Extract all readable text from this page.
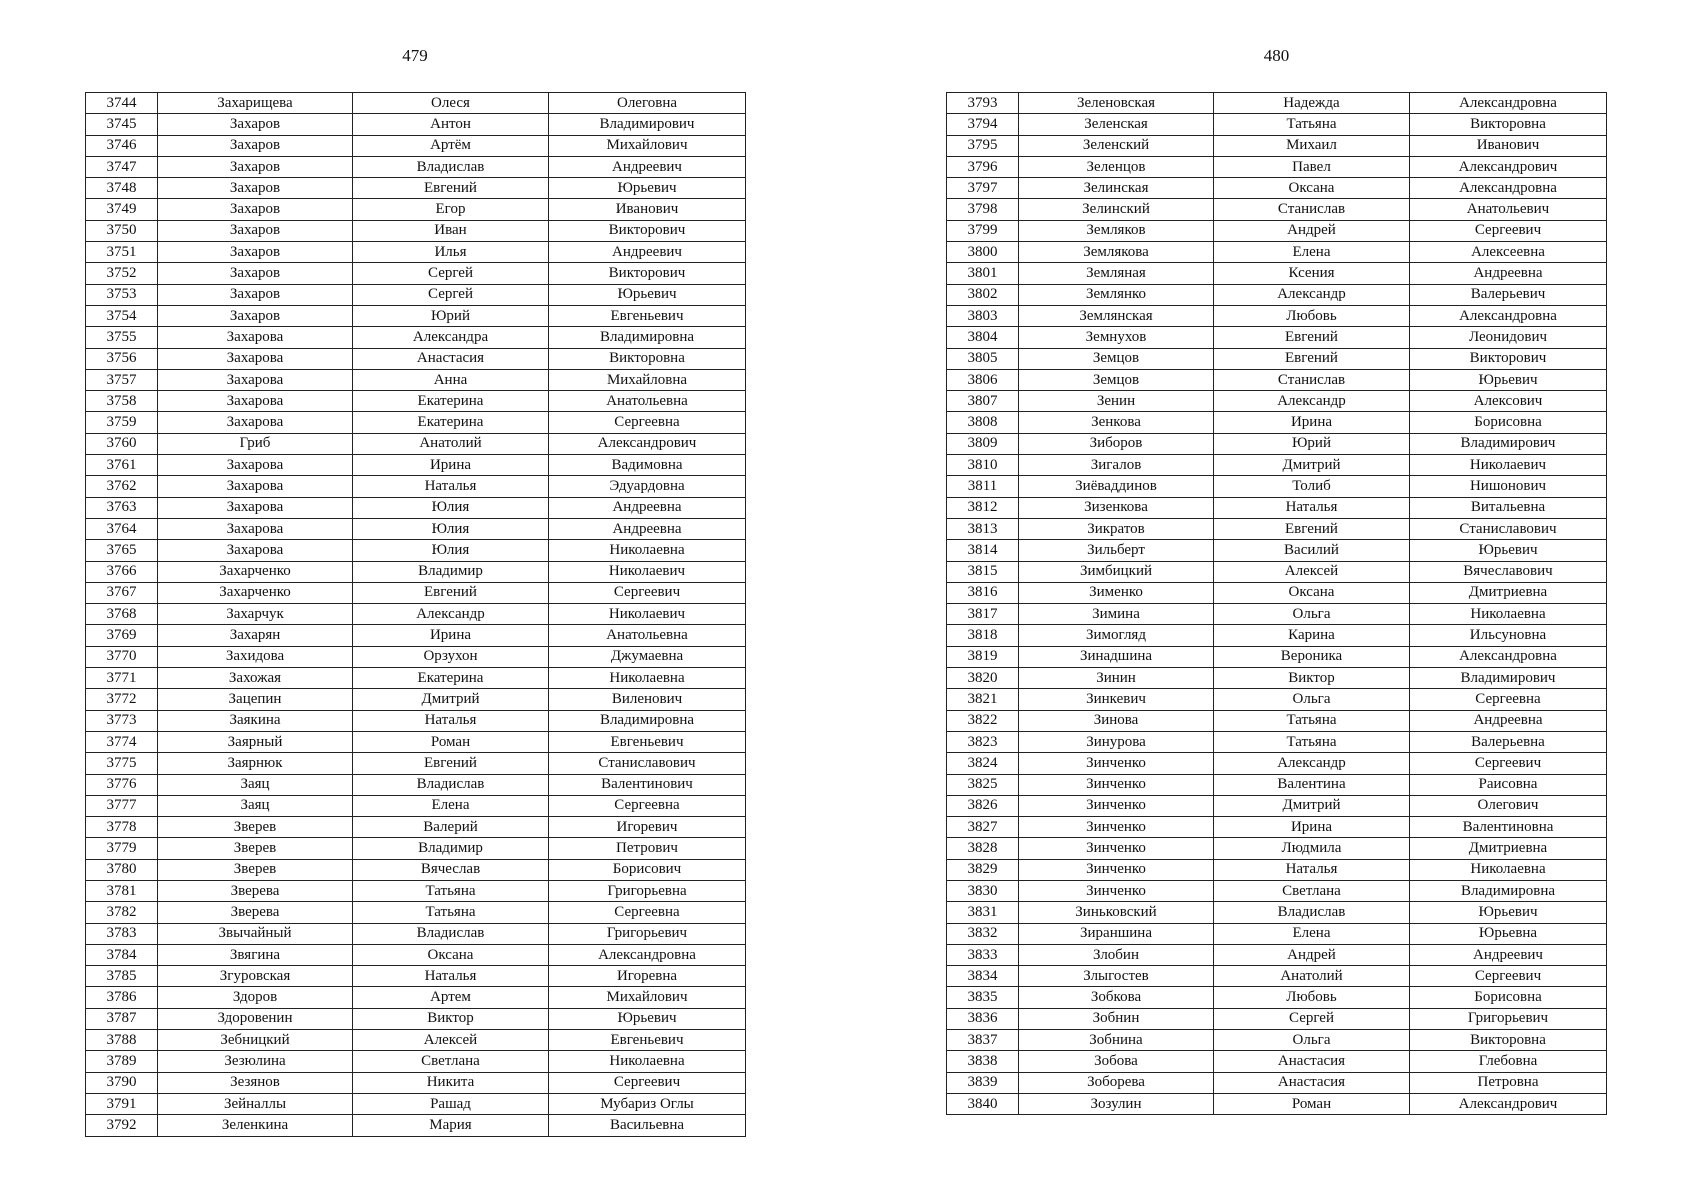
479
3744	Захарищева	Олеся	Олеговна
3745	Захаров	Антон	Владимирович
3746	Захаров	Артём	Михайлович
3747	Захаров	Владислав	Андреевич
3748	Захаров	Евгений	Юрьевич
3749	Захаров	Егор	Иванович
3750	Захаров	Иван	Викторович
3751	Захаров	Илья	Андреевич
3752	Захаров	Сергей	Викторович
3753	Захаров	Сергей	Юрьевич
3754	Захаров	Юрий	Евгеньевич
3755	Захарова	Александра	Владимировна
3756	Захарова	Анастасия	Викторовна
3757	Захарова	Анна	Михайловна
3758	Захарова	Екатерина	Анатольевна
3759	Захарова	Екатерина	Сергеевна
3760	Гриб	Анатолий	Александрович
3761	Захарова	Ирина	Вадимовна
3762	Захарова	Наталья	Эдуардовна
3763	Захарова	Юлия	Андреевна
3764	Захарова	Юлия	Андреевна
3765	Захарова	Юлия	Николаевна
3766	Захарченко	Владимир	Николаевич
3767	Захарченко	Евгений	Сергеевич
3768	Захарчук	Александр	Николаевич
3769	Захарян	Ирина	Анатольевна
3770	Захидова	Орзухон	Джумаевна
3771	Захожая	Екатерина	Николаевна
3772	Зацепин	Дмитрий	Виленович
3773	Заякина	Наталья	Владимировна
3774	Заярный	Роман	Евгеньевич
3775	Заярнюк	Евгений	Станиславович
3776	Заяц	Владислав	Валентинович
3777	Заяц	Елена	Сергеевна
3778	Зверев	Валерий	Игоревич
3779	Зверев	Владимир	Петрович
3780	Зверев	Вячеслав	Борисович
3781	Зверева	Татьяна	Григорьевна
3782	Зверева	Татьяна	Сергеевна
3783	Звычайный	Владислав	Григорьевич
3784	Звягина	Оксана	Александровна
3785	Згуровская	Наталья	Игоревна
3786	Здоров	Артем	Михайлович
3787	Здоровенин	Виктор	Юрьевич
3788	Зебницкий	Алексей	Евгеньевич
3789	Зезюлина	Светлана	Николаевна
3790	Зезянов	Никита	Сергеевич
3791	Зейналлы	Рашад	Мубариз Оглы
3792	Зеленкина	Мария	Васильевна
480
3793	Зеленовская	Надежда	Александровна
3794	Зеленская	Татьяна	Викторовна
3795	Зеленский	Михаил	Иванович
3796	Зеленцов	Павел	Александрович
3797	Зелинская	Оксана	Александровна
3798	Зелинский	Станислав	Анатольевич
3799	Земляков	Андрей	Сергеевич
3800	Землякова	Елена	Алексеевна
3801	Земляная	Ксения	Андреевна
3802	Землянко	Александр	Валерьевич
3803	Землянская	Любовь	Александровна
3804	Земнухов	Евгений	Леонидович
3805	Земцов	Евгений	Викторович
3806	Земцов	Станислав	Юрьевич
3807	Зенин	Александр	Алексович
3808	Зенкова	Ирина	Борисовна
3809	Зиборов	Юрий	Владимирович
3810	Зигалов	Дмитрий	Николаевич
3811	Зиёваддинов	Толиб	Нишонович
3812	Зизенкова	Наталья	Витальевна
3813	Зикратов	Евгений	Станиславович
3814	Зильберт	Василий	Юрьевич
3815	Зимбицкий	Алексей	Вячеславович
3816	Зименко	Оксана	Дмитриевна
3817	Зимина	Ольга	Николаевна
3818	Зимогляд	Карина	Ильсуновна
3819	Зинадшина	Вероника	Александровна
3820	Зинин	Виктор	Владимирович
3821	Зинкевич	Ольга	Сергеевна
3822	Зинова	Татьяна	Андреевна
3823	Зинурова	Татьяна	Валерьевна
3824	Зинченко	Александр	Сергеевич
3825	Зинченко	Валентина	Раисовна
3826	Зинченко	Дмитрий	Олегович
3827	Зинченко	Ирина	Валентиновна
3828	Зинченко	Людмила	Дмитриевна
3829	Зинченко	Наталья	Николаевна
3830	Зинченко	Светлана	Владимировна
3831	Зиньковский	Владислав	Юрьевич
3832	Зираншина	Елена	Юрьевна
3833	Злобин	Андрей	Андреевич
3834	Злыгостев	Анатолий	Сергеевич
3835	Зобкова	Любовь	Борисовна
3836	Зобнин	Сергей	Григорьевич
3837	Зобнина	Ольга	Викторовна
3838	Зобова	Анастасия	Глебовна
3839	Зоборева	Анастасия	Петровна
3840	Зозулин	Роман	Александрович
